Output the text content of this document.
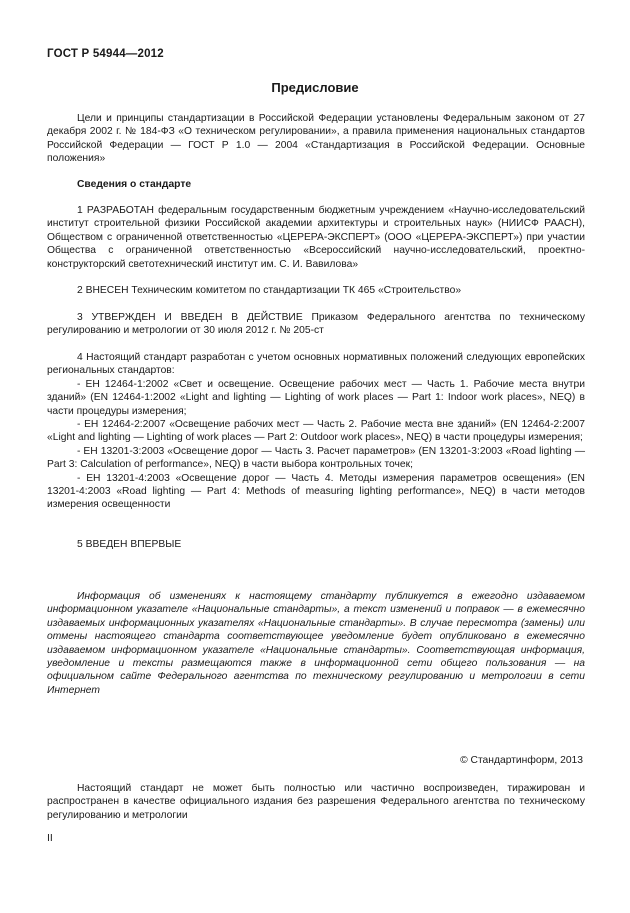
ГОСТ Р 54944—2012
Предисловие

Цели и принципы стандартизации в Российской Федерации установлены Федеральным законом от 27 декабря 2002 г. № 184-ФЗ «О техническом регулировании», а правила применения национальных стандартов Российской Федерации — ГОСТ Р 1.0 — 2004 «Стандартизация в Российской Федерации. Основные положения»

Сведения о стандарте

1 РАЗРАБОТАН федеральным государственным бюджетным учреждением «Научно-исследовательский институт строительной физики Российской академии архитектуры и строительных наук» (НИИСФ РААСН), Обществом с ограниченной ответственностью «ЦЕРЕРА-ЭКСПЕРТ» (ООО «ЦЕРЕРА-ЭКСПЕРТ») при участии Общества с ограниченной ответственностью «Всероссийский научно-исследовательский, проектно-конструкторский светотехнический институт им. С. И. Вавилова»

2 ВНЕСЕН Техническим комитетом по стандартизации ТК 465 «Строительство»

3 УТВЕРЖДЕН И ВВЕДЕН В ДЕЙСТВИЕ Приказом Федерального агентства по техническому регулированию и метрологии от 30 июля 2012 г. № 205-ст

4 Настоящий стандарт разработан с учетом основных нормативных положений следующих европейских региональных стандартов:

- ЕН 12464-1:2002 «Свет и освещение. Освещение рабочих мест — Часть 1. Рабочие места внутри зданий» (EN 12464-1:2002 «Light and lighting — Lighting of work places — Part 1: Indoor work places», NEQ) в части процедуры измерения;

- ЕН 12464-2:2007 «Освещение рабочих мест — Часть 2. Рабочие места вне зданий» (EN 12464-2:2007 «Light and lighting — Lighting of work places — Part 2: Outdoor work places», NEQ) в части процедуры измерения;

- ЕН 13201-3:2003 «Освещение дорог — Часть 3. Расчет параметров» (EN 13201-3:2003 «Road lighting — Part 3: Calculation of performance», NEQ) в части выбора контрольных точек;

- ЕН 13201-4:2003 «Освещение дорог — Часть 4. Методы измерения параметров освещения» (EN 13201-4:2003 «Road lighting — Part 4: Methods of measuring lighting performance», NEQ) в части методов измерения освещенности

5 ВВЕДЕН ВПЕРВЫЕ

Информация об изменениях к настоящему стандарту публикуется в ежегодно издаваемом информационном указателе «Национальные стандарты», а текст изменений и поправок — в ежемесячно издаваемых информационных указателях «Национальные стандарты». В случае пересмотра (замены) или отмены настоящего стандарта соответствующее уведомление будет опубликовано в ежемесячно издаваемом информационном указателе «Национальные стандарты». Соответствующая информация, уведомление и тексты размещаются также в информационной сети общего пользования — на официальном сайте Федерального агентства по техническому регулированию и метрологии в сети Интернет

© Стандартинформ, 2013

Настоящий стандарт не может быть полностью или частично воспроизведен, тиражирован и распространен в качестве официального издания без разрешения Федерального агентства по техническому регулированию и метрологии

II
